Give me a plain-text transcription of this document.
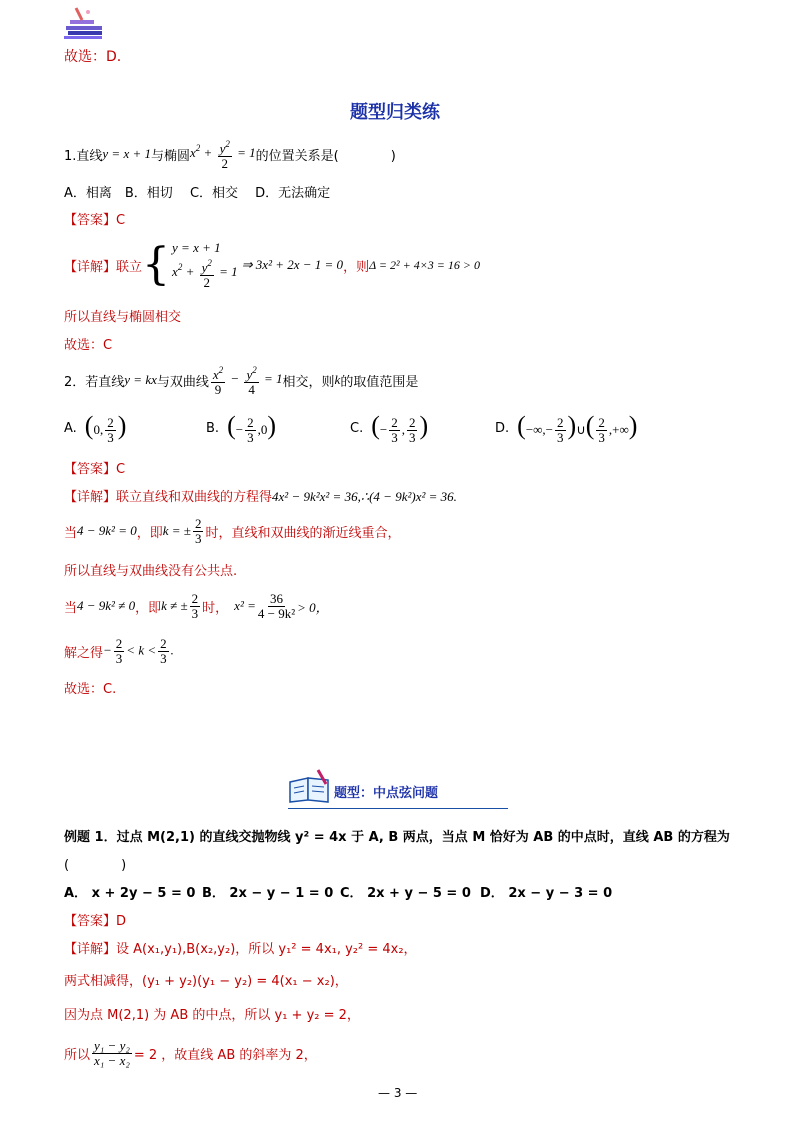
故选：D.
题型归类练
1.直线 y = x + 1 与椭圆 $x^2 + \frac{y^2}{2} = 1$ 的位置关系是(　　　　)
A．相离　B．相切　 C．相交　 D．无法确定
【答案】C
【详解】 联立 { y = x + 1
$x^2 + \frac{y^2}{2} = 1$ ⇒ 3x² + 2x − 1 = 0 ，则 Δ = 2² + 4×3 = 16 > 0
所以直线与椭圆相交
故选：C
2．若直线 y = kx 与双曲线 $\frac{x^2}{9} - \frac{y^2}{4} = 1$ 相交，则 k 的取值范围是
A. (0, $\frac{2}{3}$ )	B. (− $\frac{2}{3} ,0$)	C. (− $\frac{2}{3}$ , $\frac{2}{3}$ )	D. (−∞,− $\frac{2}{3}$ )∪( $\frac{2}{3}$ ,+∞)
【答案】C
【详解】联立直线和双曲线的方程得4x² − 9k²x² = 36,∴(4 − 9k²)x² = 36.
当 4 − 9k² = 0 ，即 k = ± $\frac{2}{3}$ 时，直线和双曲线的渐近线重合，
所以直线与双曲线没有公共点.
当 4 − 9k² ≠ 0 ，即 k ≠ ± $\frac{2}{3}$ 时， $x^2 = \frac{36}{\text{4 − 9k²}} > 0$，
解之得 − $\frac{2}{3} < k < \frac{2}{3}$ .
故选：C.
题型：中点弦问题
例题 1．过点 M(2,1) 的直线交抛物线 y² = 4x 于 A, B 两点，当点 M 恰好为 AB 的中点时，直线 AB 的方程为
(　　　　)
A． x + 2y − 5 = 0 B． 2x − y − 1 = 0 C． 2x + y − 5 = 0 D． 2x − y − 3 = 0
【答案】D
【详解】设 A(x₁,y₁),B(x₂,y₂)，所以 y₁² = 4x₁, y₂² = 4x₂，
两式相减得，(y₁ + y₂)(y₁ − y₂) = 4(x₁ − x₂)，
因为点 M(2,1) 为 AB 的中点，所以 y₁ + y₂ = 2，
所以 $\frac{\text{y₁ − y₂}}{\text{x₁ − x₂}} = 2$ ，故直线 AB 的斜率为 2，
— 3 —
